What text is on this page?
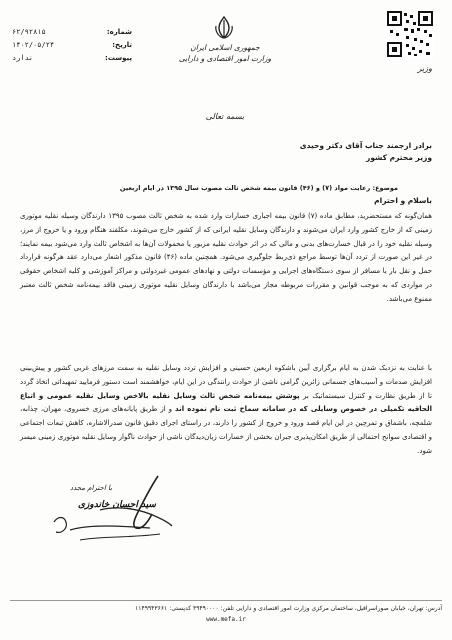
شماره:
۶۲/۹۲۸۱۵
تاریخ:
۱۴۰۲/۰۵/۲۴
پیوست:
ندارد
جمهوری اسلامی ایران
وزارت امور اقتصادی و دارایی
وزیر
بسمه تعالی
برادر ارجمند جناب آقای دکتر وحیدی
وزیر محترم کشور
موضوع: رعایت مواد (۷) و (۴۶) قانون بیمه شخص ثالث مصوب سال ۱۳۹۵ در ایام اربعین
باسلام و احترام
همان‌گونه که مستحضرید، مطابق ماده (۷) قانون بیمه اجباری خسارات وارد شده به شخص ثالث مصوب ۱۳۹۵ دارندگان وسیله نقلیه موتوری زمینی که از خارج کشور وارد ایران می‌شوند و دارندگان وسایل نقلیه ایرانی که از کشور خارج می‌شوند، مکلفند هنگام ورود و یا خروج از مرز، وسیله نقلیه خود را در قبال خسارت‌های بدنی و مالی که در اثر حوادث نقلیه مزبور یا محمولات آن‌ها به اشخاص ثالث وارد می‌شود بیمه نمایند؛ در غیر این صورت از تردد آن‌ها توسط مراجع ذی‌ربط جلوگیری می‌شود. همچنین ماده (۴۶) قانون مذکور اشعار می‌دارد عقد هرگونه قرارداد حمل و نقل بار یا مسافر از سوی دستگاه‌های اجرایی و مؤسسات دولتی و نهادهای عمومی غیردولتی و مراکز آموزشی و کلیه اشخاص حقوقی در مواردی که به موجب قوانین و مقررات مربوطه مجاز می‌باشد با دارندگان وسایل نقلیه موتوری زمینی فاقد بیمه‌نامه شخص ثالث معتبر ممنوع می‌باشد.
با عنایت به نزدیک شدن به ایام برگزاری آیین باشکوه اربعین حسینی و افزایش تردد وسایل نقلیه به سمت مرزهای غربی کشور و پیش‌بینی افزایش صدمات و آسیب‌های جسمانی زائرین گرامی ناشی از حوادث رانندگی در این ایام، خواهشمند است دستور فرمایید تمهیداتی اتخاذ گردد تا از طریق نظارت و کنترل سیستماتیک بر پوشش بیمه‌نامه شخص ثالث وسایل نقلیه بالاخص وسایل نقلیه عمومی و اتباع الحاقیه تکمیلی در خصوص وسایلی که در سامانه سماح ثبت نام نموده اند و از طریق پایانه‌های مرزی خسروی، مهران، چذابه، شلمچه، باشماق و تمرچین در این ایام قصد ورود و خروج از کشور را دارند، در راستای اجرای دقیق قانون صدرالاشاره، کاهش تبعات اجتماعی و اقتصادی سوانح احتمالی از طریق امکان‌پذیری جبران بخشی از خسارات زیان‌دیدگان ناشی از حوادث ناگوار وسایل نقلیه موتوری زمینی میسر شود.
با احترام مجدد
سید احسان خاندوزی
آدرس: تهران، خیابان صوراسرافیل، ساختمان مرکزی وزارت امور اقتصادی و دارایی تلفن: ۳۹۴۹۰۰۰۰ کدپستی: ۱۱۴۹۹۴۳۶۶۱
www.mefa.ir
